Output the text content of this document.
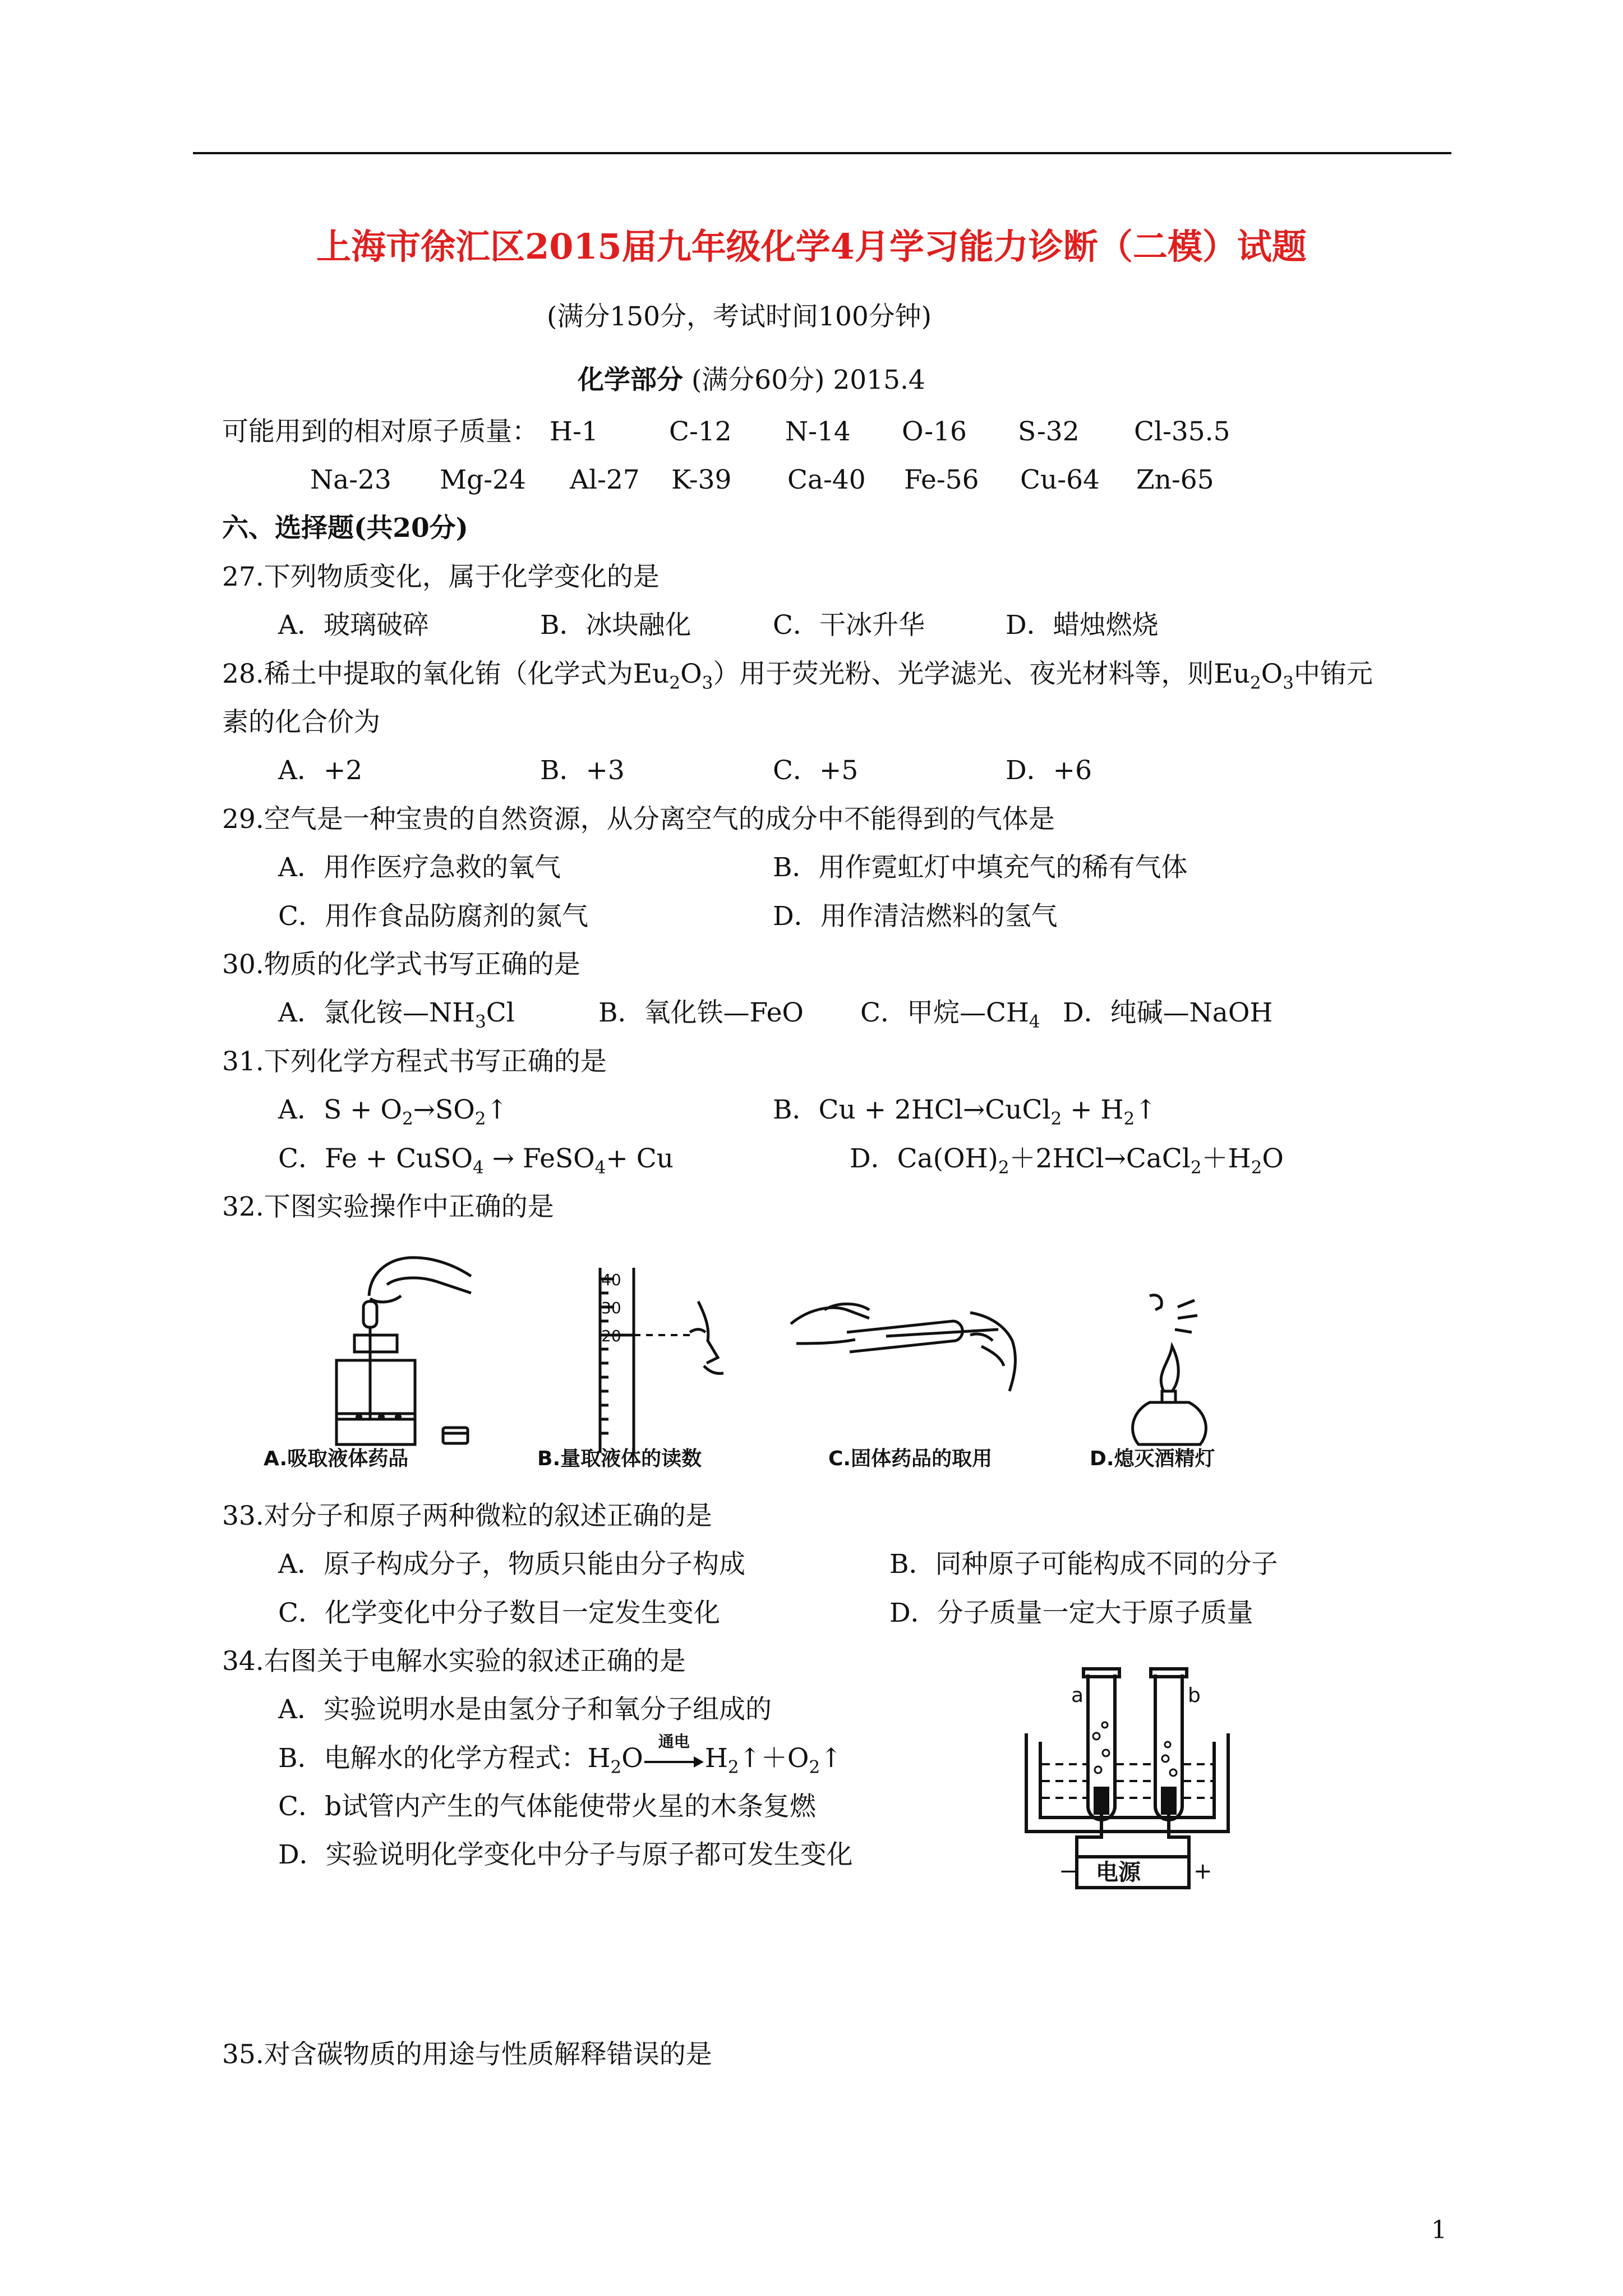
上海市徐汇区2015届九年级化学4月学习能力诊断（二模）试题
(满分150分，考试时间100分钟)
化学部分 (满分60分) 2015.4
可能用到的相对原子质量： H-1	C-12 N-14 O-16 S-32 Cl-35.5
Na-23 Mg-24 Al-27 K-39 Ca-40 Fe-56 Cu-64 Zn-65
六、选择题(共20分)
27.下列物质变化，属于化学变化的是
A．玻璃破碎	B．冰块融化	C．干冰升华	D．蜡烛燃烧
28.稀土中提取的氧化铕（化学式为$Eu_2O_3$）用于荧光粉、光学滤光、夜光材料等，则$Eu_2O_3$中铕元
素的化合价为
A．+2	B．+3	C．+5	D．+6
29.空气是一种宝贵的自然资源，从分离空气的成分中不能得到的气体是
A．用作医疗急救的氧气	B．用作霓虹灯中填充气的稀有气体
C．用作食品防腐剂的氮气	D．用作清洁燃料的氢气
30.物质的化学式书写正确的是
A．氯化铵$—NH_3Cl$	B．氧化铁—FeO C．甲烷$—CH_4$ D．纯碱—NaOH
31.下列化学方程式书写正确的是
A．$S + O_2\to SO_2↑$	B．Cu + 2HCl→CuCl$_2$ + $H_2↑$
C．Fe + CuSO$_4$ → FeSO$_4$+ Cu	D．$Ca(OH)_2+2HCl\to CaCl_2+H_2O$
32.下图实验操作中正确的是
40
30
20
A.吸取液体药品	B.量取液体的读数	C.固体药品的取用	D.熄灭酒精灯
33.对分子和原子两种微粒的叙述正确的是
A．原子构成分子，物质只能由分子构成	B．同种原子可能构成不同的分子
C．化学变化中分子数目一定发生变化	D．分子质量一定大于原子质量
34.右图关于电解水实验的叙述正确的是
A．实验说明水是由氢分子和氧分子组成的
B．电解水的化学方程式：$H_2O$
通电
$H_2↑+O_2↑$
C．b试管内产生的气体能使带火星的木条复燃
D．实验说明化学变化中分子与原子都可发生变化
a	b
电源
−	+
35.对含碳物质的用途与性质解释错误的是
1
